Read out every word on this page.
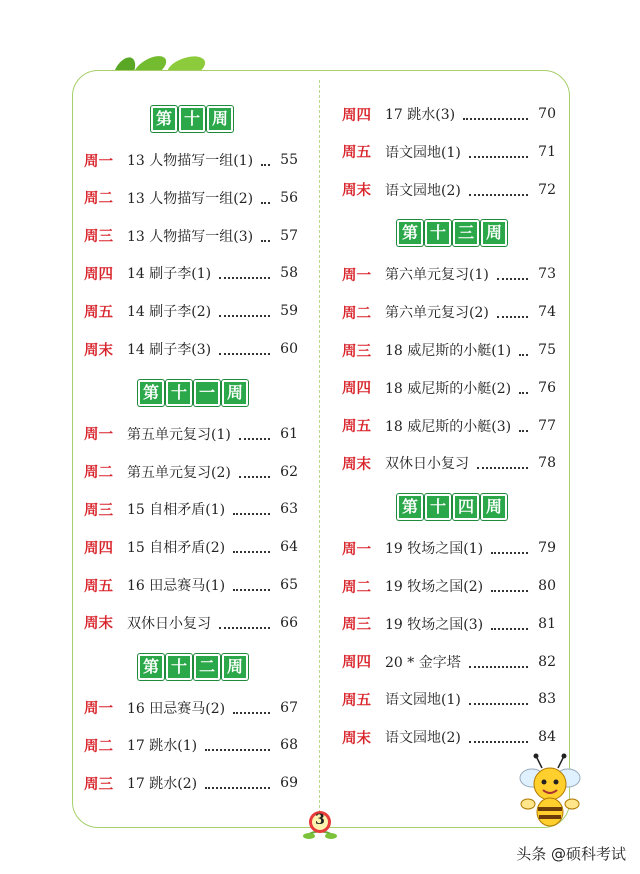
第 十 周
周一 13 人物描写一组(1) 55
周二 13 人物描写一组(2) 56
周三 13 人物描写一组(3) 57
周四 14 刷子李(1)	58
周五 14 刷子李(2)	59
周末 14 刷子李(3)	60
第 十 一 周
周一 第五单元复习(1)	61
周二 第五单元复习(2)	62
周三 15 自相矛盾(1)	63
周四 15 自相矛盾(2)	64
周五 16 田忌赛马(1)	65
周末 双休日小复习	66
第 十 二 周
周一 16 田忌赛马(2)	67
周二 17 跳水(1)	68
周三 17 跳水(2)	69
周四 17 跳水(3)	70
周五 语文园地(1)	71
周末 语文园地(2)	72
第 十 三 周
周一 第六单元复习(1)	73
周二 第六单元复习(2)	74
周三 18 威尼斯的小艇(1) 75
周四 18 威尼斯的小艇(2) 76
周五 18 威尼斯的小艇(3) 77
周末 双休日小复习	78
第 十 四 周
周一 19 牧场之国(1)	79
周二 19 牧场之国(2)	80
周三 19 牧场之国(3)	81
周四 20 * 金字塔	82
周五 语文园地(1)	83
周末 语文园地(2)	84
3
头条 @硕科考试
